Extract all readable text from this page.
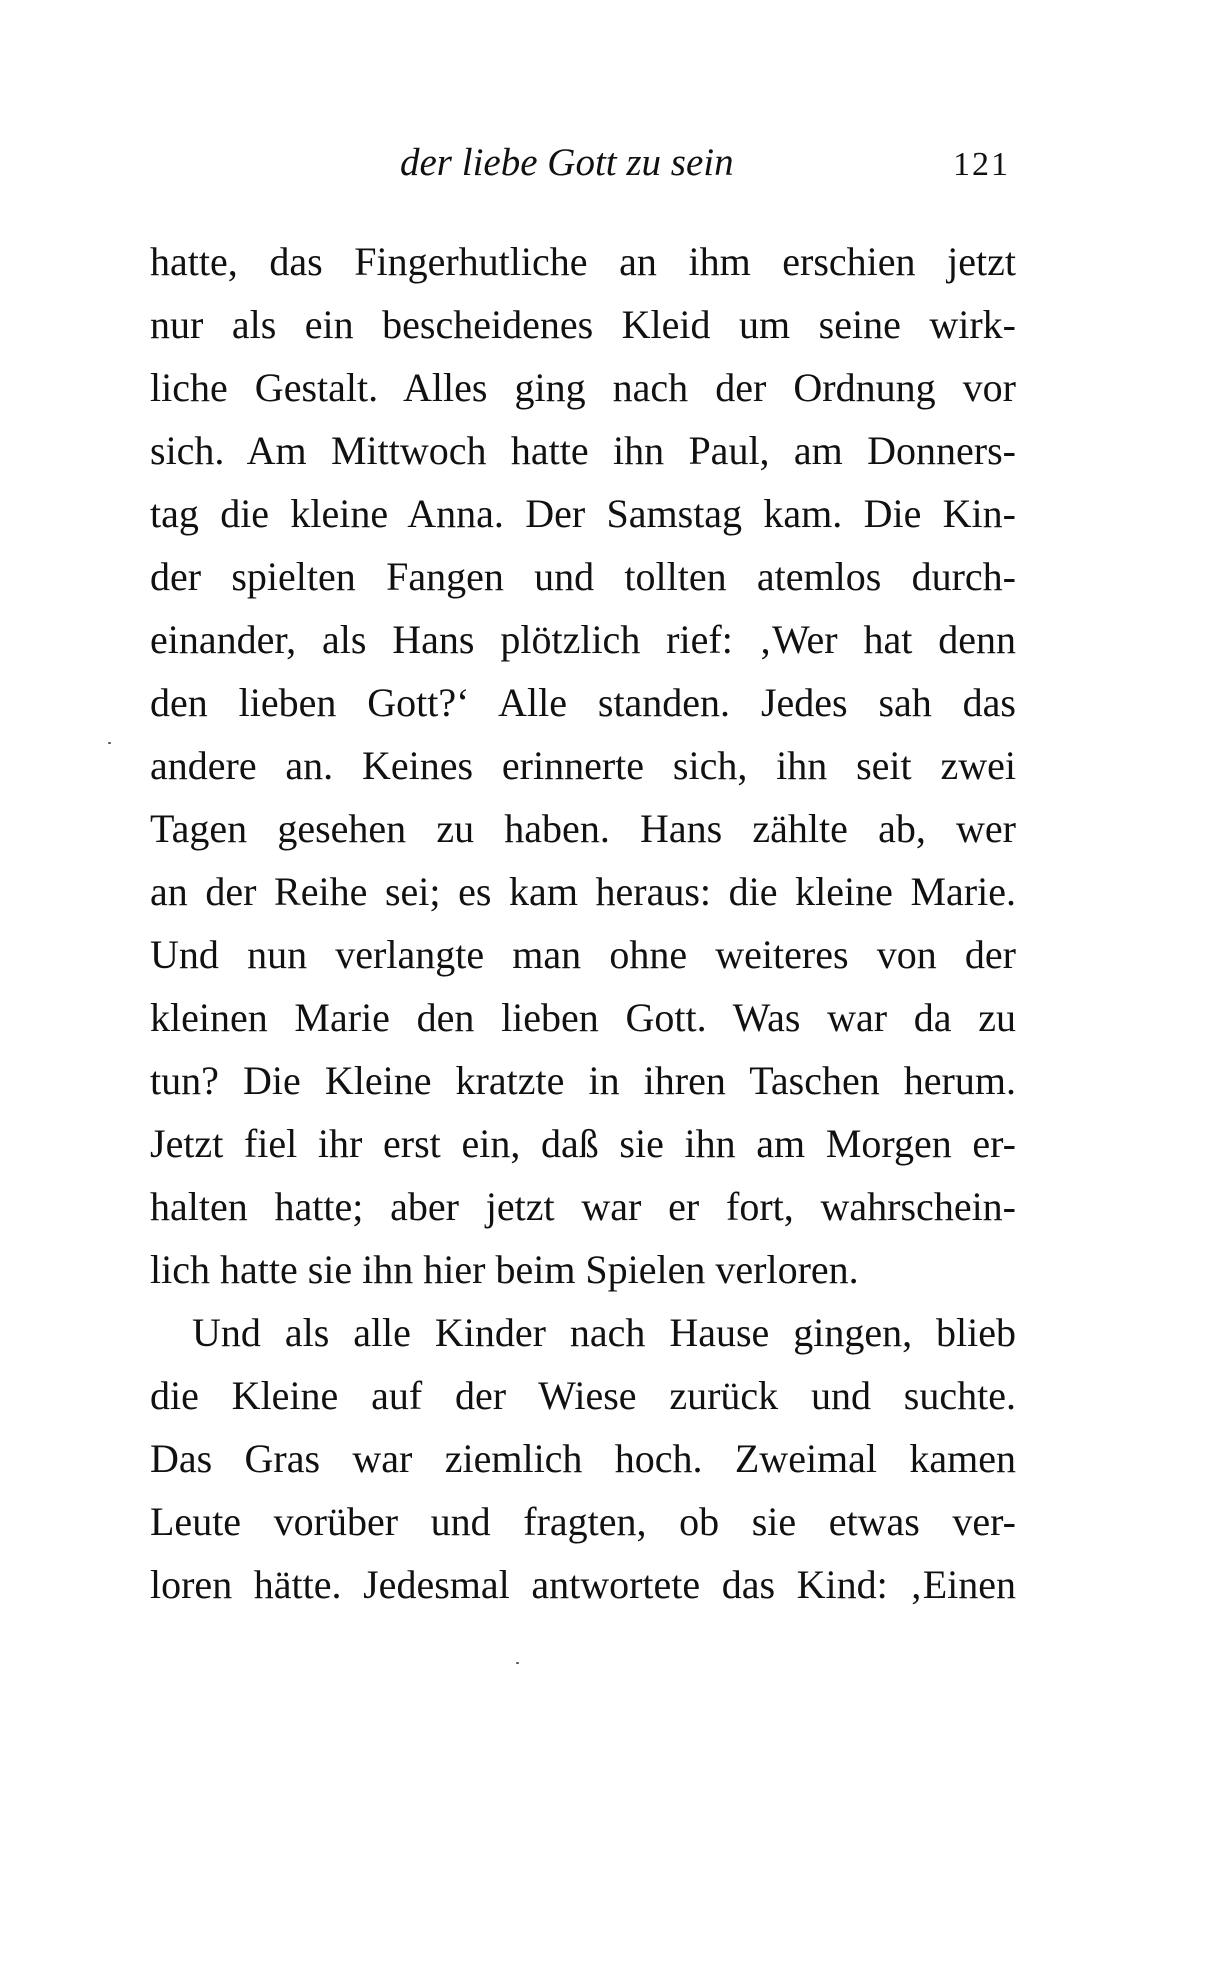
der liebe Gott zu sein	121
hatte, das Fingerhutliche an ihm erschien jetzt
nur als ein bescheidenes Kleid um seine wirk-
liche Gestalt. Alles ging nach der Ordnung vor
sich. Am Mittwoch hatte ihn Paul, am Donners-
tag die kleine Anna. Der Samstag kam. Die Kin-
der spielten Fangen und tollten atemlos durch-
einander, als Hans plötzlich rief: ‚Wer hat denn
den lieben Gott?‘ Alle standen. Jedes sah das
andere an. Keines erinnerte sich, ihn seit zwei
Tagen gesehen zu haben. Hans zählte ab, wer
an der Reihe sei; es kam heraus: die kleine Marie.
Und nun verlangte man ohne weiteres von der
kleinen Marie den lieben Gott. Was war da zu
tun? Die Kleine kratzte in ihren Taschen herum.
Jetzt fiel ihr erst ein, daß sie ihn am Morgen er-
halten hatte; aber jetzt war er fort, wahrschein-
lich hatte sie ihn hier beim Spielen verloren.
Und als alle Kinder nach Hause gingen, blieb
die Kleine auf der Wiese zurück und suchte.
Das Gras war ziemlich hoch. Zweimal kamen
Leute vorüber und fragten, ob sie etwas ver-
loren hätte. Jedesmal antwortete das Kind: ‚Einen
